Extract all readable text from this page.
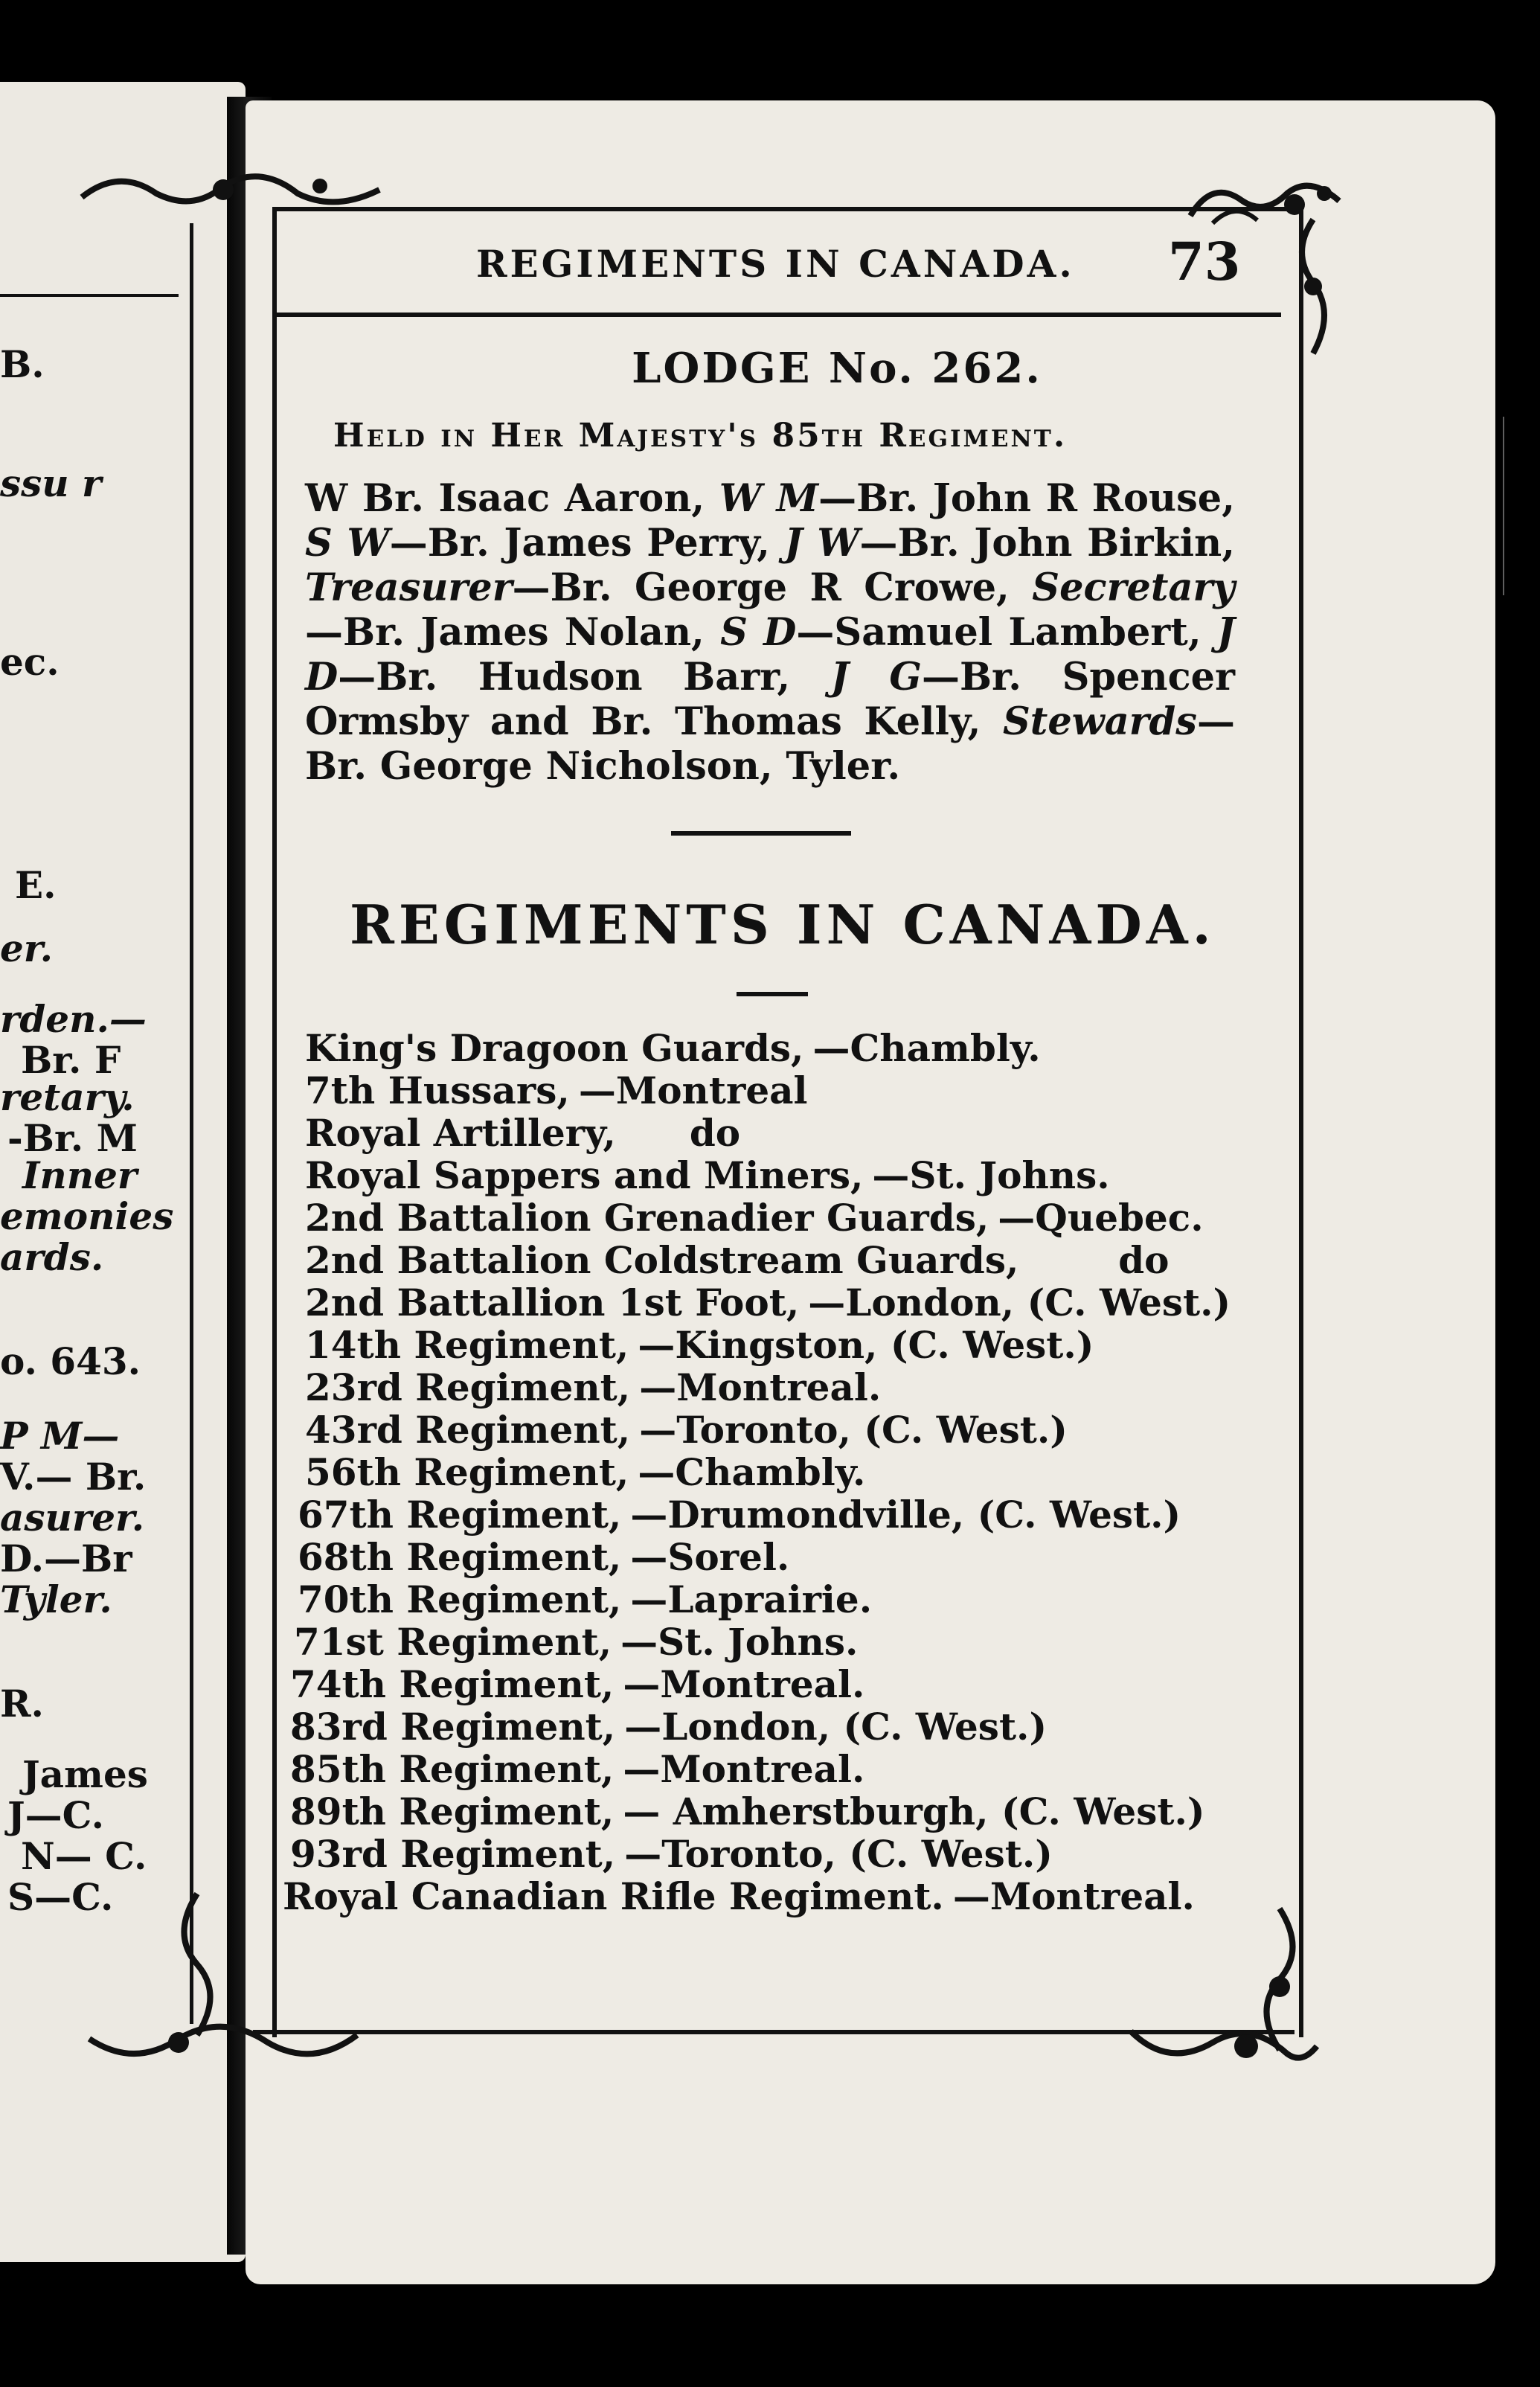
B.
ssu r
ec.
E.
er.
rden.—
Br. F
retary.
-Br. M
Inner
emonies
ards.
o. 643.
P M—
V.— Br.
asurer.
D.—Br
Tyler.
R.
James
J—C.
N— C.
S—C.
REGIMENTS IN CANADA. 73
LODGE No. 262.
Held in Her Majesty's 85th Regiment.
W Br. Isaac Aaron, W M—Br. John R Rouse, S W—Br. James Perry, J W—Br. John Birkin, Treasurer—Br. George R Crowe, Secretary—Br. James Nolan, S D—Samuel Lambert, J D—Br. Hudson Barr, J G—Br. Spencer Ormsby and Br. Thomas Kelly, Stewards—Br. George Nicholson, Tyler.
REGIMENTS IN CANADA.
King's Dragoon Guards, —Chambly.
7th Hussars, —Montreal
Royal Artillery,     do
Royal Sappers and Miners, —St. Johns.
2nd Battalion Grenadier Guards, —Quebec.
2nd Battalion Coldstream Guards,       do
2nd Battallion 1st Foot, —London, (C. West.)
14th Regiment, —Kingston, (C. West.)
23rd Regiment, —Montreal.
43rd Regiment, —Toronto, (C. West.)
56th Regiment, —Chambly.
67th Regiment, —Drumondville, (C. West.)
68th Regiment, —Sorel.
70th Regiment, —Laprairie.
71st Regiment, —St. Johns.
74th Regiment, —Montreal.
83rd Regiment, —London, (C. West.)
85th Regiment, —Montreal.
89th Regiment, — Amherstburgh, (C. West.)
93rd Regiment, —Toronto, (C. West.)
Royal Canadian Rifle Regiment. —Montreal.
